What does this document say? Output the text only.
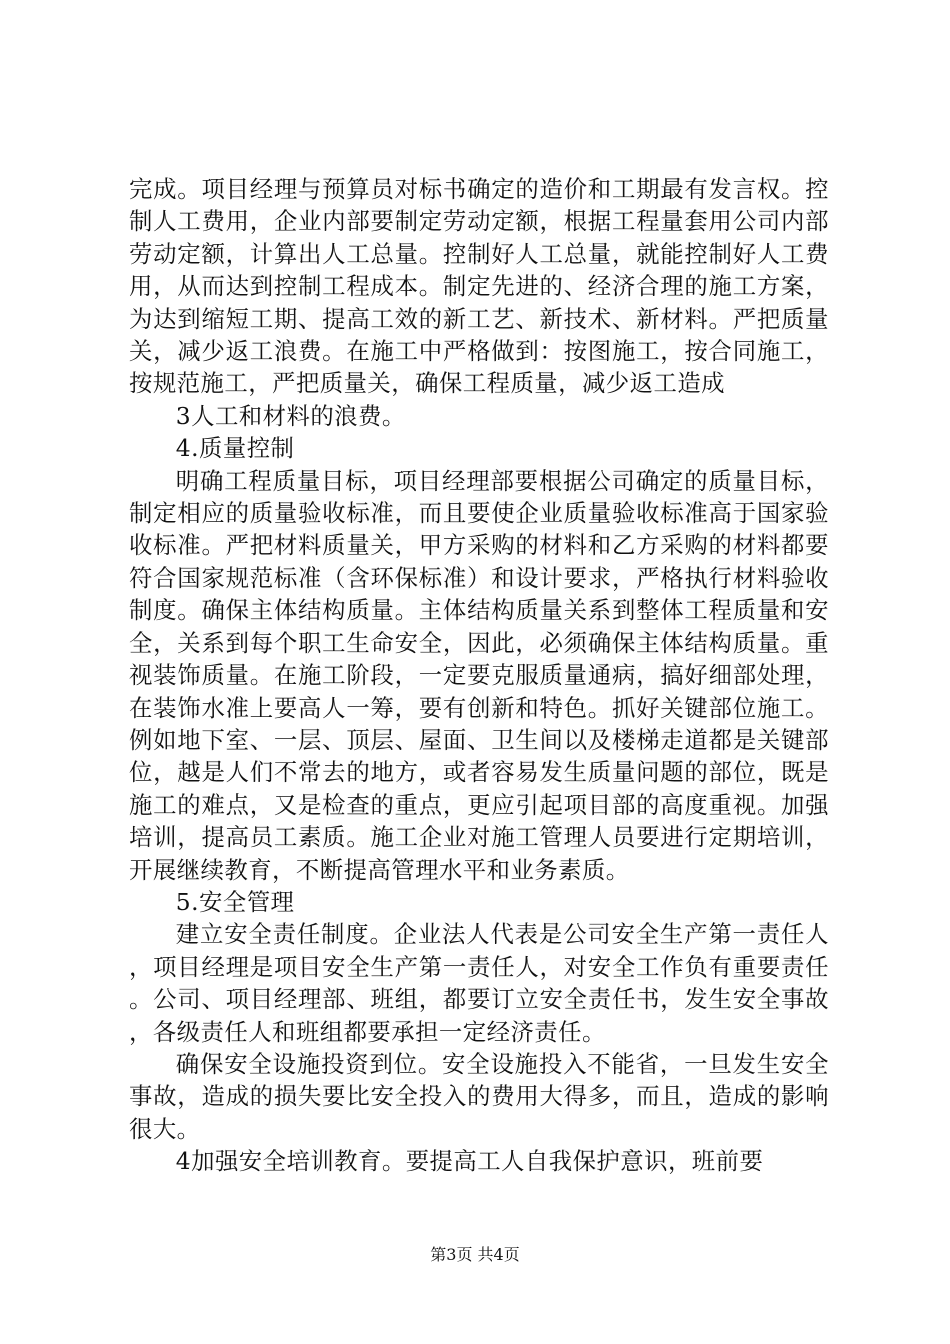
完成。项目经理与预算员对标书确定的造价和工期最有发言权。控制人工费用，企业内部要制定劳动定额，根据工程量套用公司内部劳动定额，计算出人工总量。控制好人工总量，就能控制好人工费用，从而达到控制工程成本。制定先进的、经济合理的施工方案，为达到缩短工期、提高工效的新工艺、新技术、新材料。严把质量关，减少返工浪费。在施工中严格做到：按图施工，按合同施工，按规范施工，严把质量关，确保工程质量，减少返工造成

3人工和材料的浪费。

4.质量控制

明确工程质量目标，项目经理部要根据公司确定的质量目标，制定相应的质量验收标准，而且要使企业质量验收标准高于国家验收标准。严把材料质量关，甲方采购的材料和乙方采购的材料都要符合国家规范标准（含环保标准）和设计要求，严格执行材料验收制度。确保主体结构质量。主体结构质量关系到整体工程质量和安全，关系到每个职工生命安全，因此，必须确保主体结构质量。重视装饰质量。在施工阶段，一定要克服质量通病，搞好细部处理，在装饰水准上要高人一筹，要有创新和特色。抓好关键部位施工。例如地下室、一层、顶层、屋面、卫生间以及楼梯走道都是关键部位，越是人们不常去的地方，或者容易发生质量问题的部位，既是施工的难点，又是检查的重点，更应引起项目部的高度重视。加强培训，提高员工素质。施工企业对施工管理人员要进行定期培训，开展继续教育，不断提高管理水平和业务素质。

5.安全管理

建立安全责任制度。企业法人代表是公司安全生产第一责任人，项目经理是项目安全生产第一责任人，对安全工作负有重要责任。公司、项目经理部、班组，都要订立安全责任书，发生安全事故，各级责任人和班组都要承担一定经济责任。

确保安全设施投资到位。安全设施投入不能省，一旦发生安全事故，造成的损失要比安全投入的费用大得多，而且，造成的影响很大。

4加强安全培训教育。要提高工人自我保护意识，班前要

第3页 共4页
